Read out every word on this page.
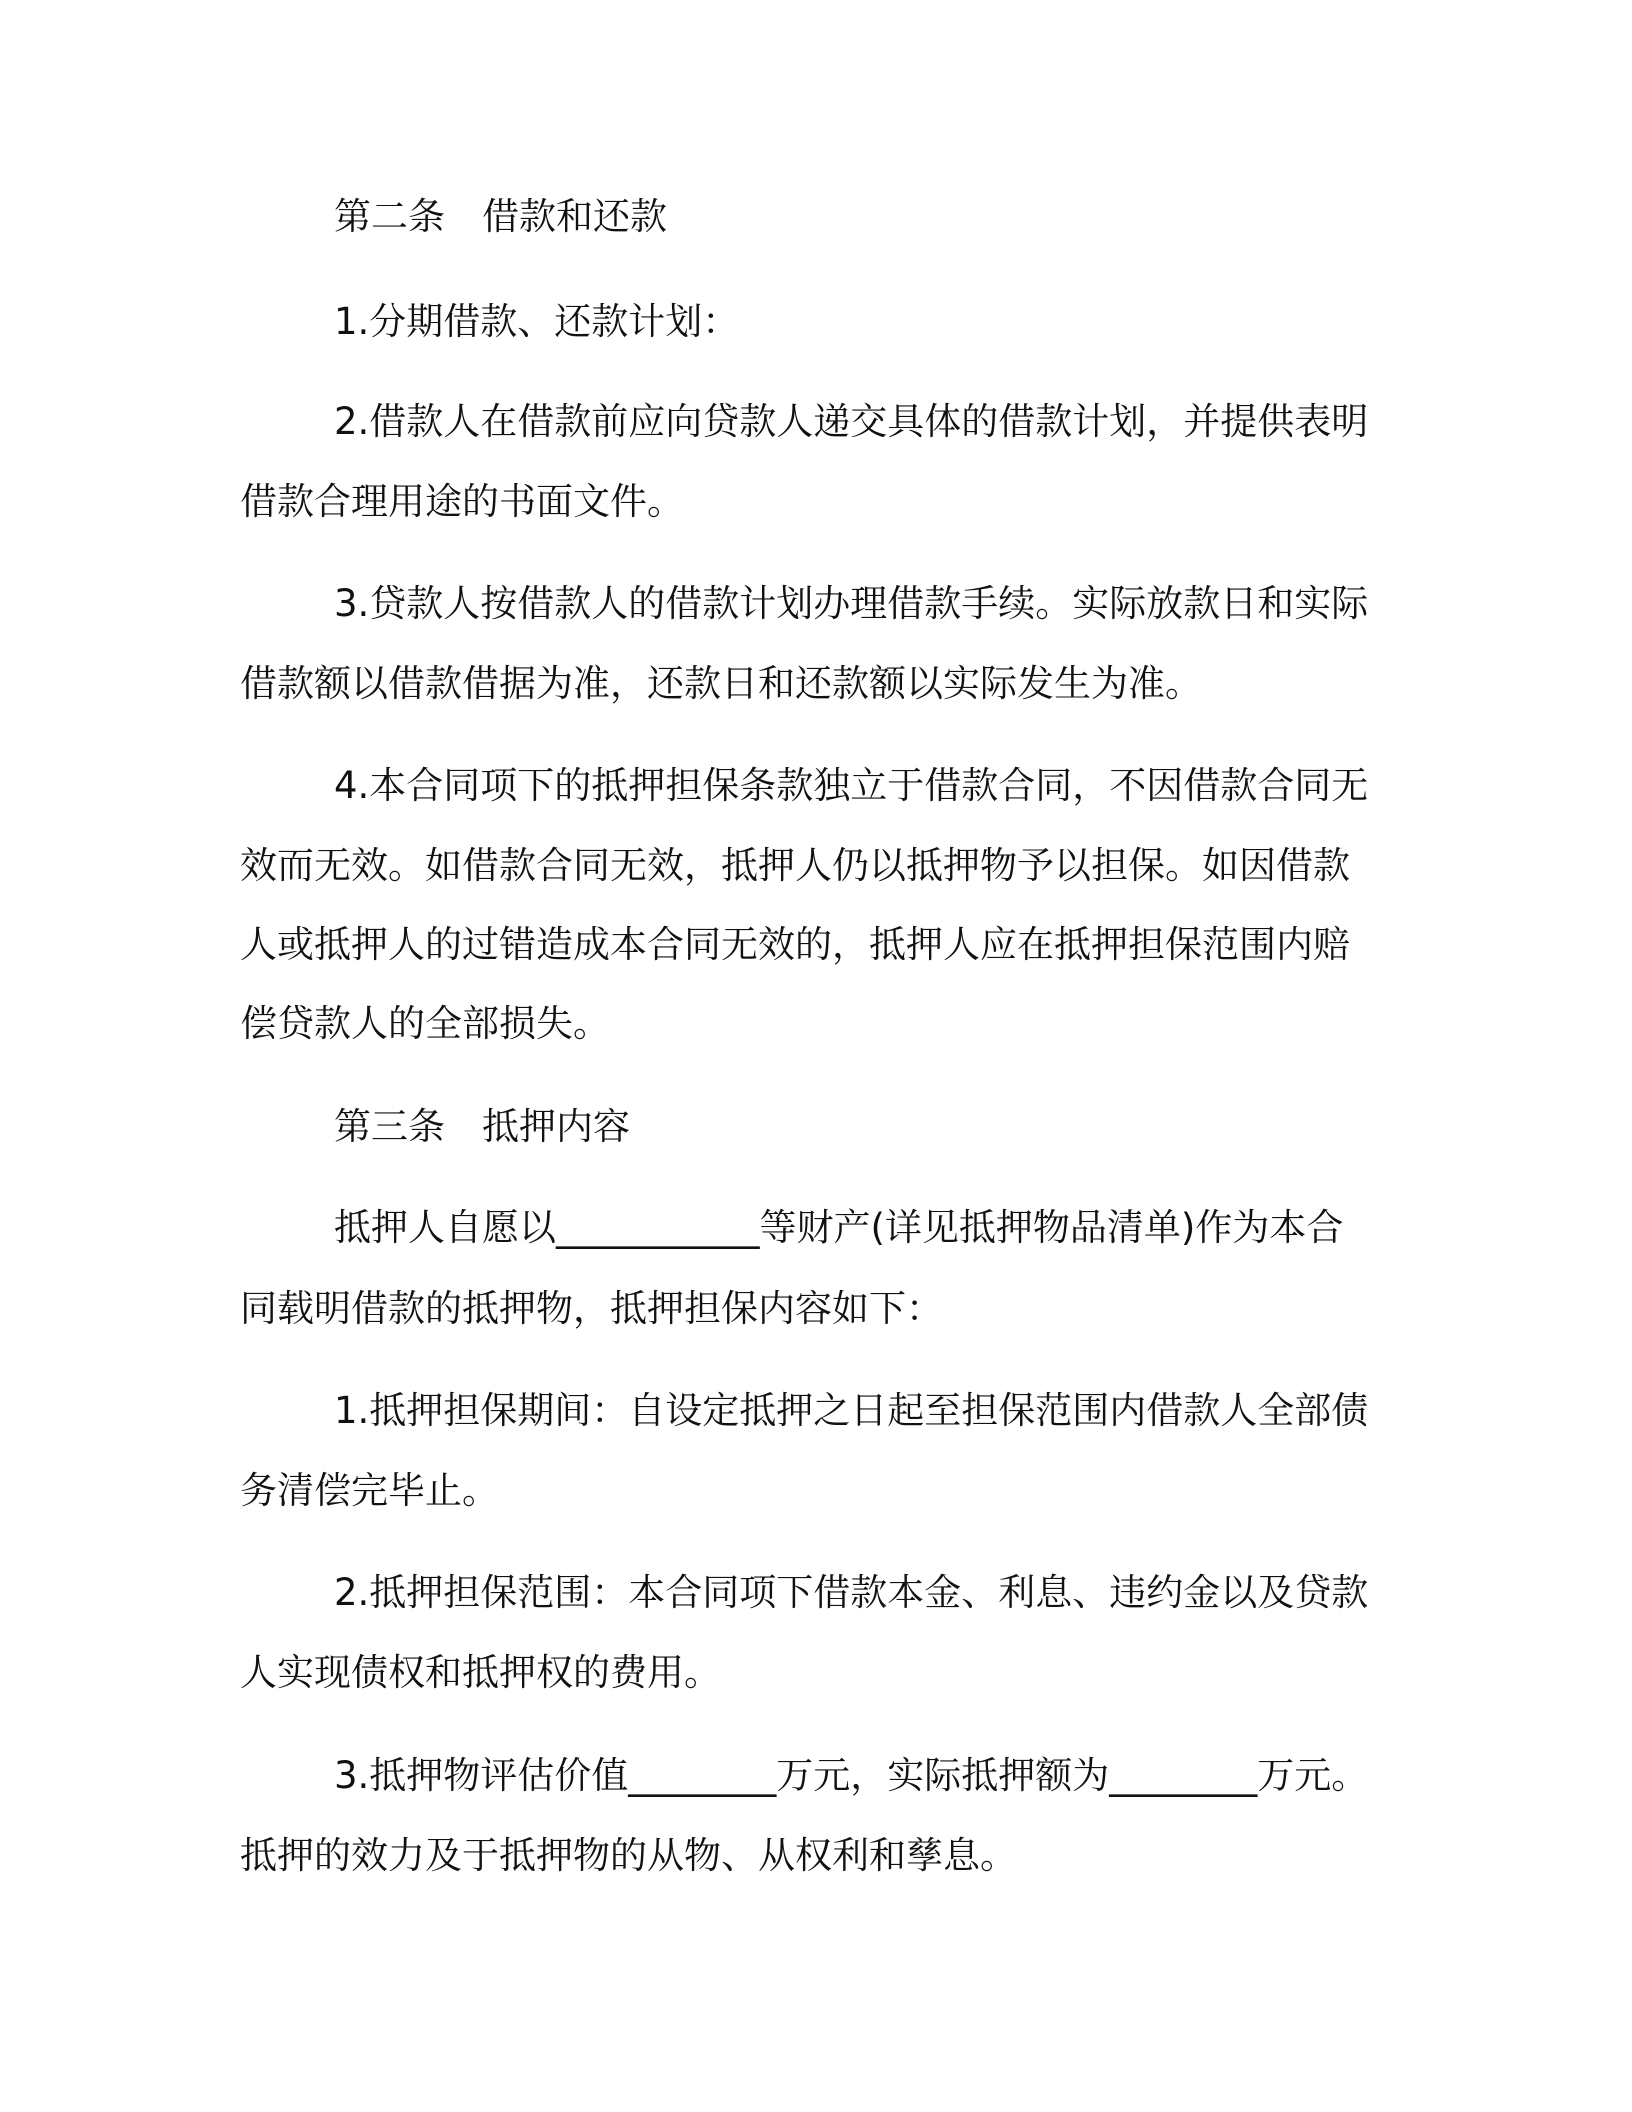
第二条　借款和还款
1.分期借款、还款计划：
2.借款人在借款前应向贷款人递交具体的借款计划，并提供表明
借款合理用途的书面文件。
3.贷款人按借款人的借款计划办理借款手续。实际放款日和实际
借款额以借款借据为准，还款日和还款额以实际发生为准。
4.本合同项下的抵押担保条款独立于借款合同，不因借款合同无
效而无效。如借款合同无效，抵押人仍以抵押物予以担保。如因借款
人或抵押人的过错造成本合同无效的，抵押人应在抵押担保范围内赔
偿贷款人的全部损失。
第三条　抵押内容
抵押人自愿以___________等财产(详见抵押物品清单)作为本合
同载明借款的抵押物，抵押担保内容如下：
1.抵押担保期间：自设定抵押之日起至担保范围内借款人全部债
务清偿完毕止。
2.抵押担保范围：本合同项下借款本金、利息、违约金以及贷款
人实现债权和抵押权的费用。
3.抵押物评估价值________万元，实际抵押额为________万元。
抵押的效力及于抵押物的从物、从权利和孳息。
